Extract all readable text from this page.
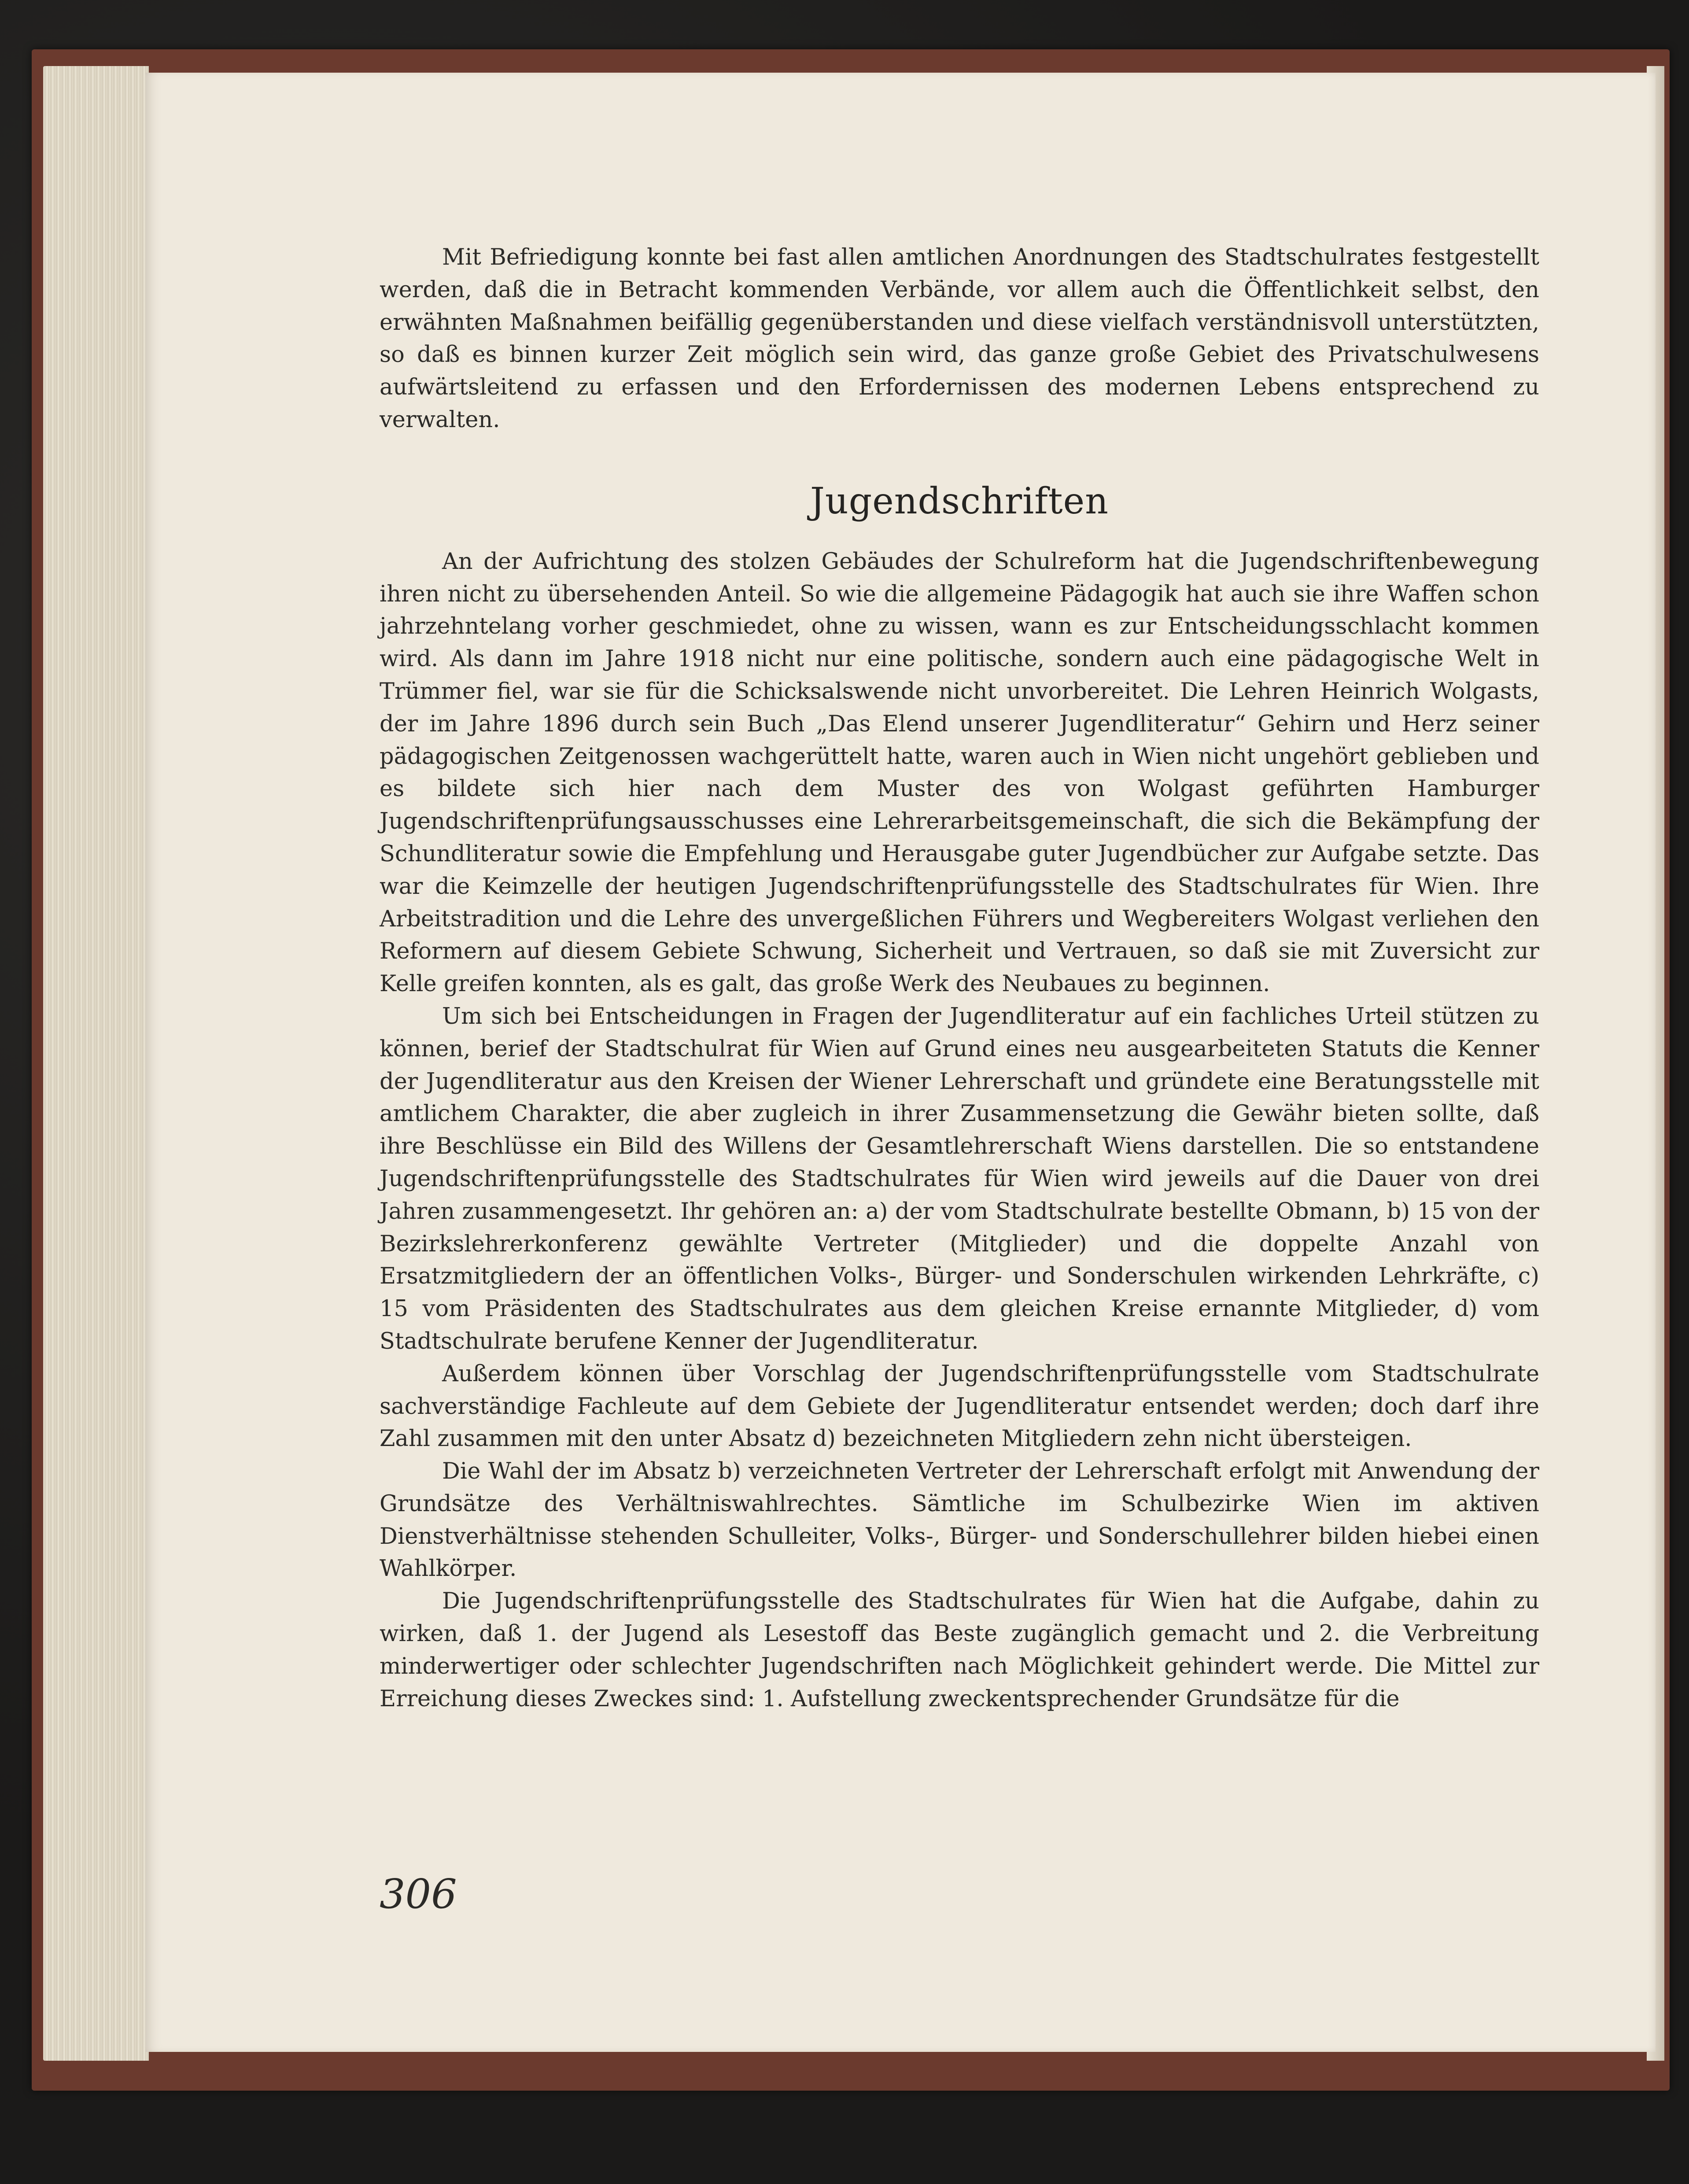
Mit Befriedigung konnte bei fast allen amtlichen Anordnungen des Stadtschulrates festgestellt werden, daß die in Betracht kommenden Verbände, vor allem auch die Öffentlichkeit selbst, den erwähnten Maßnahmen beifällig gegenüberstanden und diese vielfach verständnisvoll unterstützten, so daß es binnen kurzer Zeit möglich sein wird, das ganze große Gebiet des Privatschulwesens aufwärtsleitend zu erfassen und den Erfordernissen des modernen Lebens entsprechend zu verwalten.

Jugendschriften

An der Aufrichtung des stolzen Gebäudes der Schulreform hat die Jugendschriftenbewegung ihren nicht zu übersehenden Anteil. So wie die allgemeine Pädagogik hat auch sie ihre Waffen schon jahrzehntelang vorher geschmiedet, ohne zu wissen, wann es zur Entscheidungsschlacht kommen wird. Als dann im Jahre 1918 nicht nur eine politische, sondern auch eine pädagogische Welt in Trümmer fiel, war sie für die Schicksalswende nicht unvorbereitet. Die Lehren Heinrich Wolgasts, der im Jahre 1896 durch sein Buch „Das Elend unserer Jugendliteratur“ Gehirn und Herz seiner pädagogischen Zeitgenossen wachgerüttelt hatte, waren auch in Wien nicht ungehört geblieben und es bildete sich hier nach dem Muster des von Wolgast geführten Hamburger Jugendschriftenprüfungsausschusses eine Lehrerarbeitsgemeinschaft, die sich die Bekämpfung der Schundliteratur sowie die Empfehlung und Herausgabe guter Jugendbücher zur Aufgabe setzte. Das war die Keimzelle der heutigen Jugendschriftenprüfungsstelle des Stadtschulrates für Wien. Ihre Arbeitstradition und die Lehre des unvergeßlichen Führers und Wegbereiters Wolgast verliehen den Reformern auf diesem Gebiete Schwung, Sicherheit und Vertrauen, so daß sie mit Zuversicht zur Kelle greifen konnten, als es galt, das große Werk des Neubaues zu beginnen.

Um sich bei Entscheidungen in Fragen der Jugendliteratur auf ein fachliches Urteil stützen zu können, berief der Stadtschulrat für Wien auf Grund eines neu ausgearbeiteten Statuts die Kenner der Jugendliteratur aus den Kreisen der Wiener Lehrerschaft und gründete eine Beratungsstelle mit amtlichem Charakter, die aber zugleich in ihrer Zusammensetzung die Gewähr bieten sollte, daß ihre Beschlüsse ein Bild des Willens der Gesamtlehrerschaft Wiens darstellen. Die so entstandene Jugendschriftenprüfungsstelle des Stadtschulrates für Wien wird jeweils auf die Dauer von drei Jahren zusammengesetzt. Ihr gehören an: a) der vom Stadtschulrate bestellte Obmann, b) 15 von der Bezirkslehrerkonferenz gewählte Vertreter (Mitglieder) und die doppelte Anzahl von Ersatzmitgliedern der an öffentlichen Volks-, Bürger- und Sonderschulen wirkenden Lehrkräfte, c) 15 vom Präsidenten des Stadtschulrates aus dem gleichen Kreise ernannte Mitglieder, d) vom Stadtschulrate berufene Kenner der Jugendliteratur.

Außerdem können über Vorschlag der Jugendschriftenprüfungsstelle vom Stadtschulrate sachverständige Fachleute auf dem Gebiete der Jugendliteratur entsendet werden; doch darf ihre Zahl zusammen mit den unter Absatz d) bezeichneten Mitgliedern zehn nicht übersteigen.

Die Wahl der im Absatz b) verzeichneten Vertreter der Lehrerschaft erfolgt mit Anwendung der Grundsätze des Verhältniswahlrechtes. Sämtliche im Schulbezirke Wien im aktiven Dienstverhältnisse stehenden Schulleiter, Volks-, Bürger- und Sonderschullehrer bilden hiebei einen Wahlkörper.

Die Jugendschriftenprüfungsstelle des Stadtschulrates für Wien hat die Aufgabe, dahin zu wirken, daß 1. der Jugend als Lesestoff das Beste zugänglich gemacht und 2. die Verbreitung minderwertiger oder schlechter Jugendschriften nach Möglichkeit gehindert werde. Die Mittel zur Erreichung dieses Zweckes sind: 1. Aufstellung zweckentsprechender Grundsätze für die

306
